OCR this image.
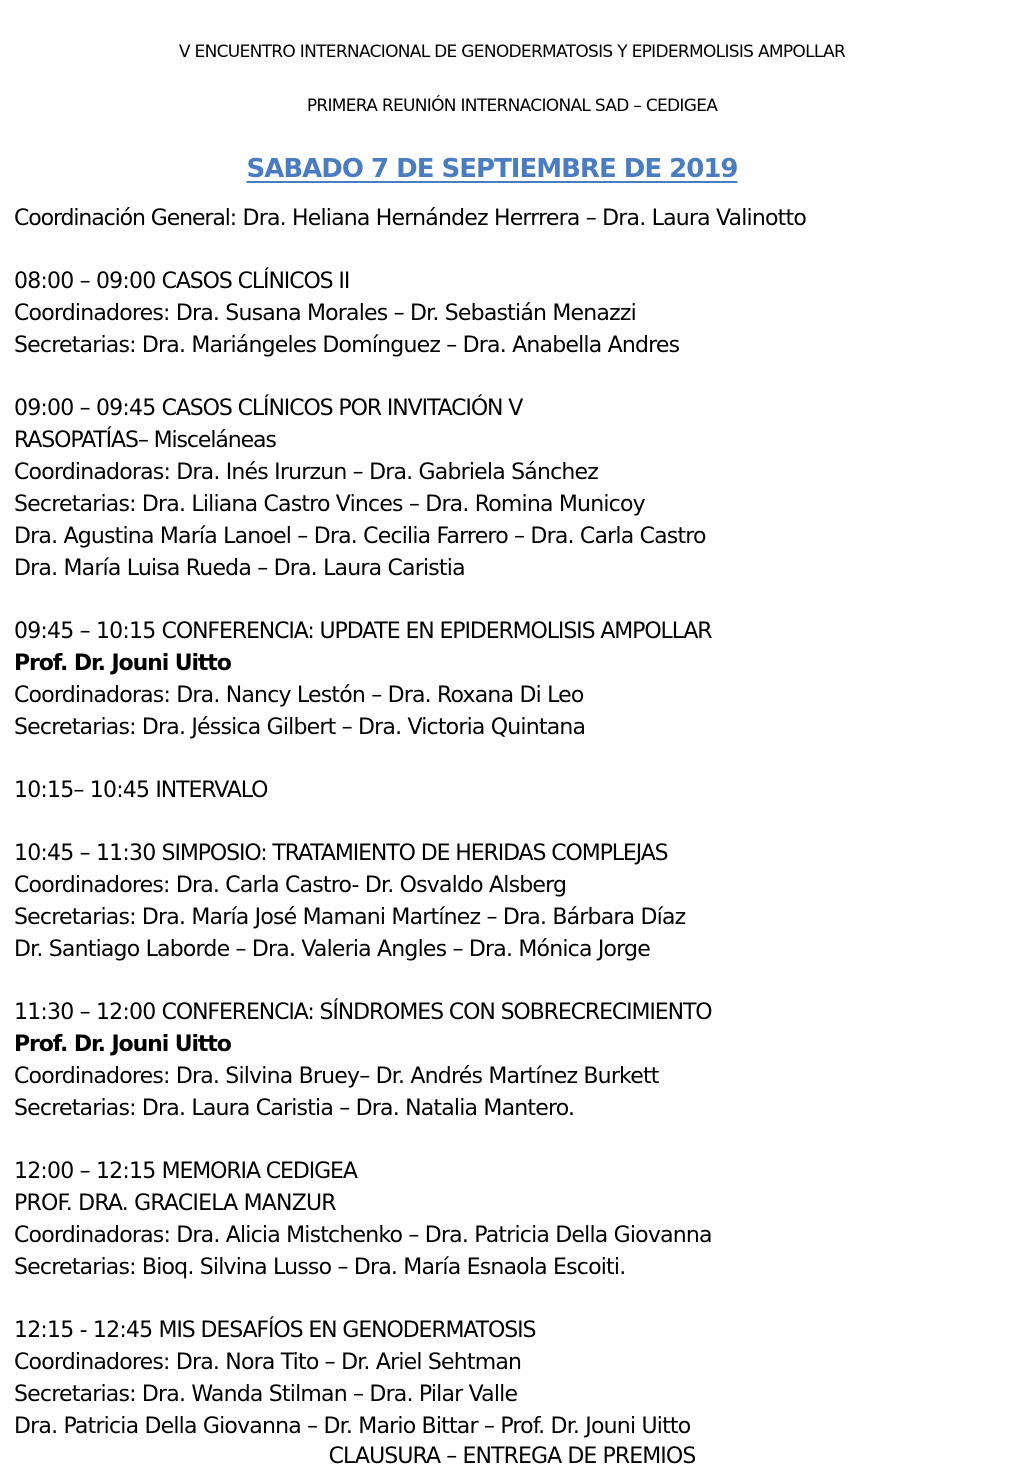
V ENCUENTRO INTERNACIONAL DE GENODERMATOSIS Y EPIDERMOLISIS AMPOLLAR
PRIMERA REUNIÓN INTERNACIONAL SAD – CEDIGEA
SABADO 7 DE SEPTIEMBRE DE 2019
Coordinación General: Dra. Heliana Hernández Herrrera – Dra. Laura Valinotto
08:00 – 09:00 CASOS CLÍNICOS II
Coordinadores: Dra. Susana Morales – Dr. Sebastián Menazzi
Secretarias: Dra. Mariángeles Domínguez – Dra. Anabella Andres
09:00 – 09:45 CASOS CLÍNICOS POR INVITACIÓN V
RASOPATÍAS– Misceláneas
Coordinadoras: Dra. Inés Irurzun – Dra. Gabriela Sánchez
Secretarias: Dra. Liliana Castro Vinces – Dra. Romina Municoy
Dra. Agustina María Lanoel – Dra. Cecilia Farrero – Dra. Carla Castro
Dra. María Luisa Rueda – Dra. Laura Caristia
09:45 – 10:15 CONFERENCIA: UPDATE EN EPIDERMOLISIS AMPOLLAR
Prof. Dr. Jouni Uitto
Coordinadoras: Dra. Nancy Lestón – Dra. Roxana Di Leo
Secretarias: Dra. Jéssica Gilbert – Dra. Victoria Quintana
10:15– 10:45 INTERVALO
10:45 – 11:30 SIMPOSIO: TRATAMIENTO DE HERIDAS COMPLEJAS
Coordinadores: Dra. Carla Castro- Dr. Osvaldo Alsberg
Secretarias: Dra. María José Mamani Martínez – Dra. Bárbara Díaz
Dr. Santiago Laborde – Dra. Valeria Angles – Dra. Mónica Jorge
11:30 – 12:00 CONFERENCIA: SÍNDROMES CON SOBRECRECIMIENTO
Prof. Dr. Jouni Uitto
Coordinadores: Dra. Silvina Bruey– Dr. Andrés Martínez Burkett
Secretarias: Dra. Laura Caristia – Dra. Natalia Mantero.
12:00 – 12:15 MEMORIA CEDIGEA
PROF. DRA. GRACIELA MANZUR
Coordinadoras: Dra. Alicia Mistchenko – Dra. Patricia Della Giovanna
Secretarias: Bioq. Silvina Lusso – Dra. María Esnaola Escoiti.
12:15 - 12:45 MIS DESAFÍOS EN GENODERMATOSIS
Coordinadores: Dra. Nora Tito – Dr. Ariel Sehtman
Secretarias: Dra. Wanda Stilman – Dra. Pilar Valle
Dra. Patricia Della Giovanna – Dr. Mario Bittar – Prof. Dr. Jouni Uitto
CLAUSURA – ENTREGA DE PREMIOS
